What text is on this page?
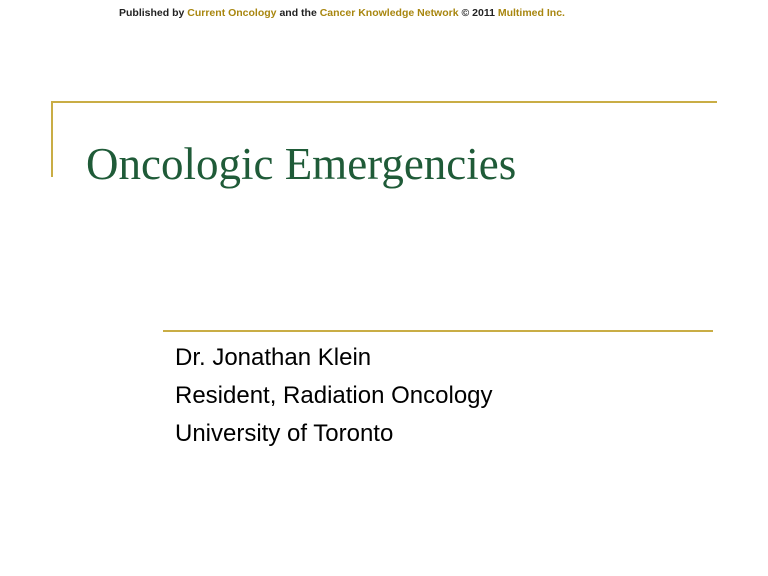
Published by Current Oncology and the Cancer Knowledge Network © 2011 Multimed Inc.
Oncologic Emergencies
Dr. Jonathan Klein
Resident, Radiation Oncology
University of Toronto
